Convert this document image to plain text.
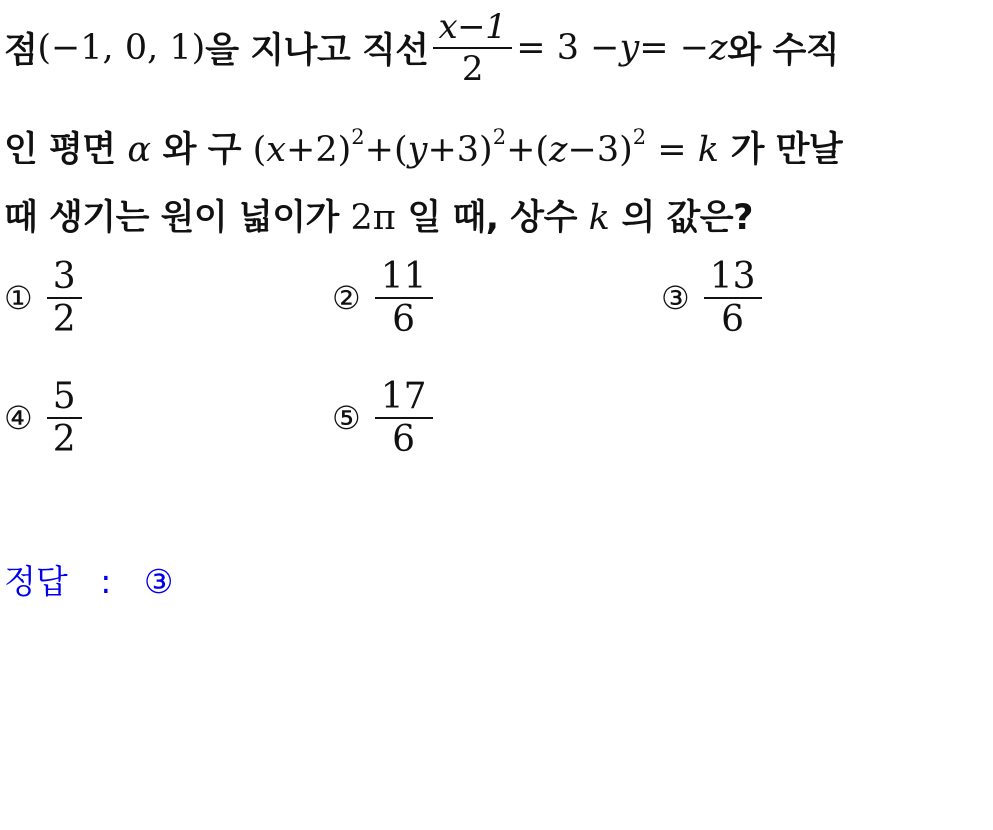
점 (−1, 0, 1) 을 지나고 직선 $\frac{x-1}{2} = 3 - y$ = − z 와 수직
인 평면 α 와 구 $(x+2)^2+(y+3)^2+(z-3)^2 = k$ 가 만날
때 생기는 원이 넓이가 2π 일 때, 상수 k 의 값은?
① $\frac{3}{2}$	② $\frac{11}{6}$	③ $\frac{13}{6}$
④ $\frac{5}{2}$	⑤ $\frac{17}{6}$
정답 : ③
